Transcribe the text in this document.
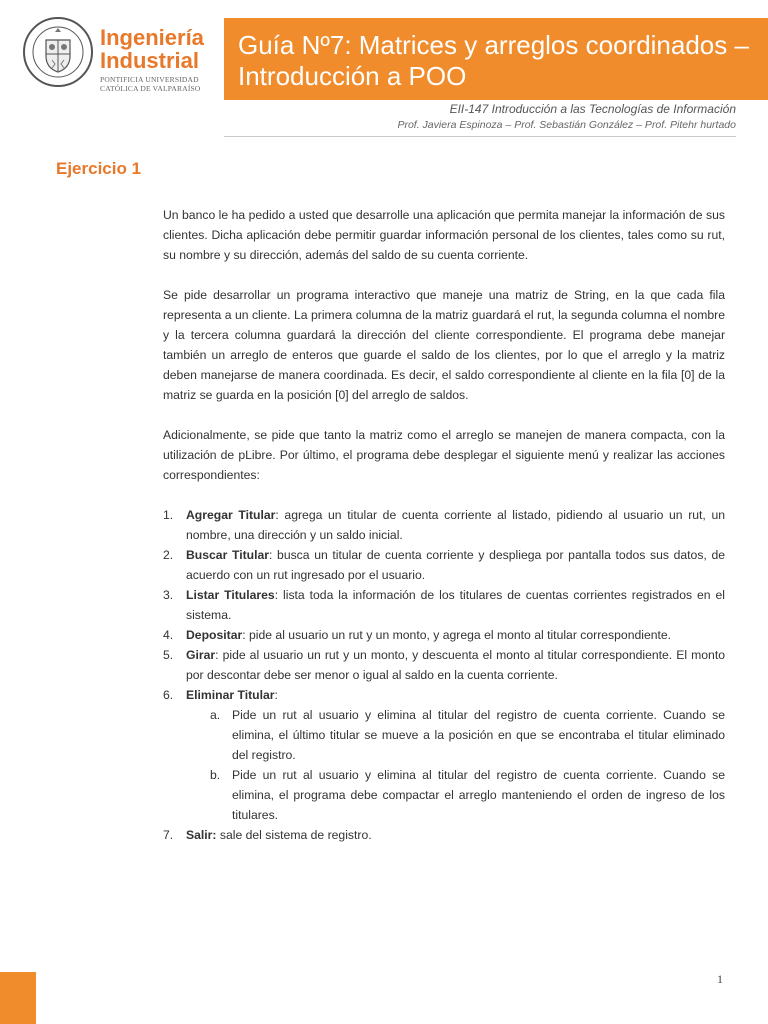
Ingeniería
Industrial
PONTIFICIA UNIVERSIDAD
CATÓLICA DE VALPARAÍSO
Guía Nº7: Matrices y arreglos coordinados –
Introducción a POO
EII-147 Introducción a las Tecnologías de Información
Prof. Javiera Espinoza – Prof. Sebastián González – Prof. Pitehr hurtado
Ejercicio 1

Un banco le ha pedido a usted que desarrolle una aplicación que permita manejar la información de sus clientes. Dicha aplicación debe permitir guardar información personal de los clientes, tales como su rut, su nombre y su dirección, además del saldo de su cuenta corriente.

Se pide desarrollar un programa interactivo que maneje una matriz de String, en la que cada fila representa a un cliente. La primera columna de la matriz guardará el rut, la segunda columna el nombre y la tercera columna guardará la dirección del cliente correspondiente. El programa debe manejar también un arreglo de enteros que guarde el saldo de los clientes, por lo que el arreglo y la matriz deben manejarse de manera coordinada. Es decir, el saldo correspondiente al cliente en la fila [0] de la matriz se guarda en la posición [0] del arreglo de saldos.

Adicionalmente, se pide que tanto la matriz como el arreglo se manejen de manera compacta, con la utilización de pLibre. Por último, el programa debe desplegar el siguiente menú y realizar las acciones correspondientes:

1. Agregar Titular: agrega un titular de cuenta corriente al listado, pidiendo al usuario un rut, un nombre, una dirección y un saldo inicial.
2. Buscar Titular: busca un titular de cuenta corriente y despliega por pantalla todos sus datos, de acuerdo con un rut ingresado por el usuario.
3. Listar Titulares: lista toda la información de los titulares de cuentas corrientes registrados en el sistema.
4. Depositar: pide al usuario un rut y un monto, y agrega el monto al titular correspondiente.
5. Girar: pide al usuario un rut y un monto, y descuenta el monto al titular correspondiente. El monto por descontar debe ser menor o igual al saldo en la cuenta corriente.
6. Eliminar Titular:
a. Pide un rut al usuario y elimina al titular del registro de cuenta corriente. Cuando se elimina, el último titular se mueve a la posición en que se encontraba el titular eliminado del registro.
b. Pide un rut al usuario y elimina al titular del registro de cuenta corriente. Cuando se elimina, el programa debe compactar el arreglo manteniendo el orden de ingreso de los titulares.
7. Salir: sale del sistema de registro.
1
